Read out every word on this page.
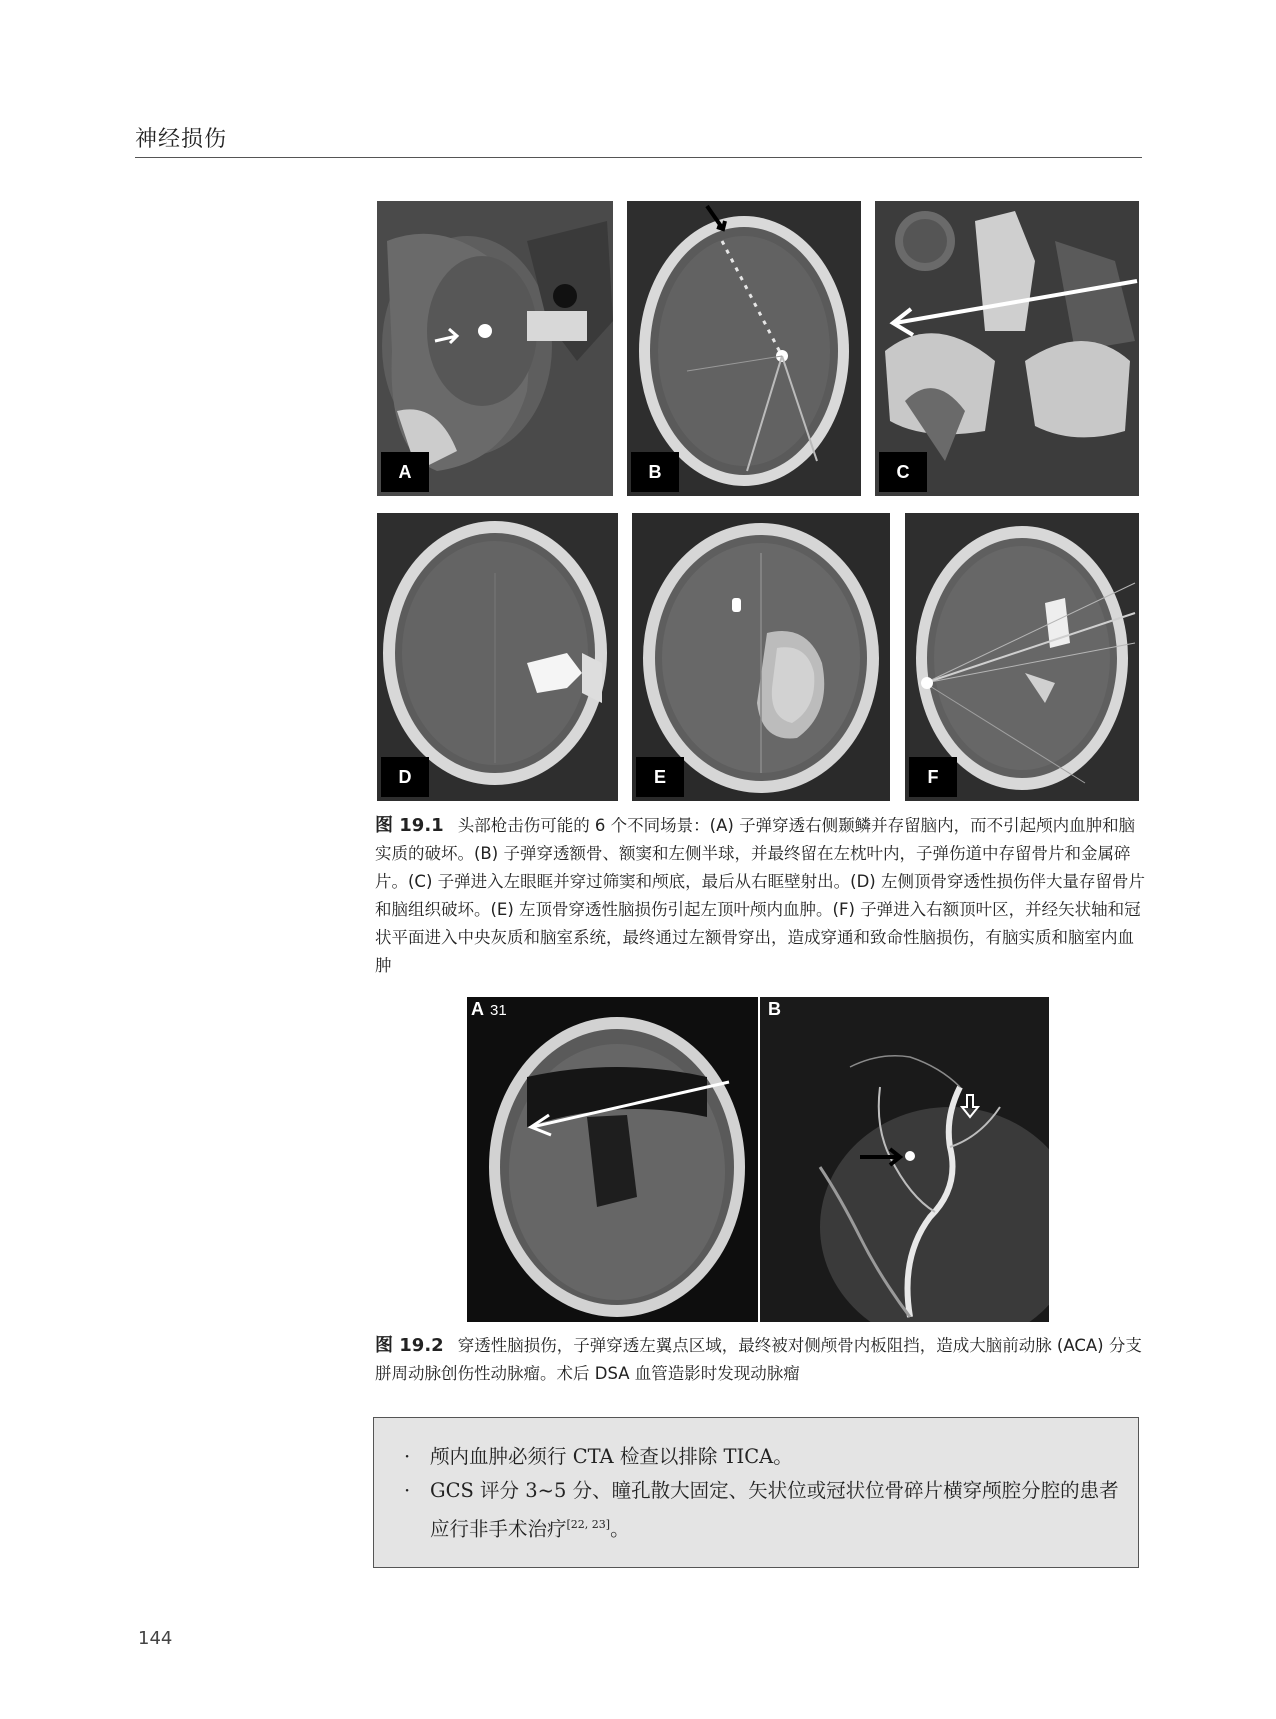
神经损伤
A	B	C
D	E	F
图 19.1 头部枪击伤可能的 6 个不同场景：(A) 子弹穿透右侧颞鳞并存留脑内，而不引起颅内血肿和脑实质的破坏。(B) 子弹穿透额骨、额窦和左侧半球，并最终留在左枕叶内，子弹伤道中存留骨片和金属碎片。(C) 子弹进入左眼眶并穿过筛窦和颅底，最后从右眶壁射出。(D) 左侧顶骨穿透性损伤伴大量存留骨片和脑组织破坏。(E) 左顶骨穿透性脑损伤引起左顶叶颅内血肿。(F) 子弹进入右额顶叶区，并经矢状轴和冠状平面进入中央灰质和脑室系统，最终通过左额骨穿出，造成穿通和致命性脑损伤，有脑实质和脑室内血肿
A 31	B
图 19.2 穿透性脑损伤，子弹穿透左翼点区域，最终被对侧颅骨内板阻挡，造成大脑前动脉 (ACA) 分支胼周动脉创伤性动脉瘤。术后 DSA 血管造影时发现动脉瘤
· 颅内血肿必须行 CTA 检查以排除 TICA。
· GCS 评分 3~5 分、瞳孔散大固定、矢状位或冠状位骨碎片横穿颅腔分腔的患者应行非手术治疗[22, 23]。
144
